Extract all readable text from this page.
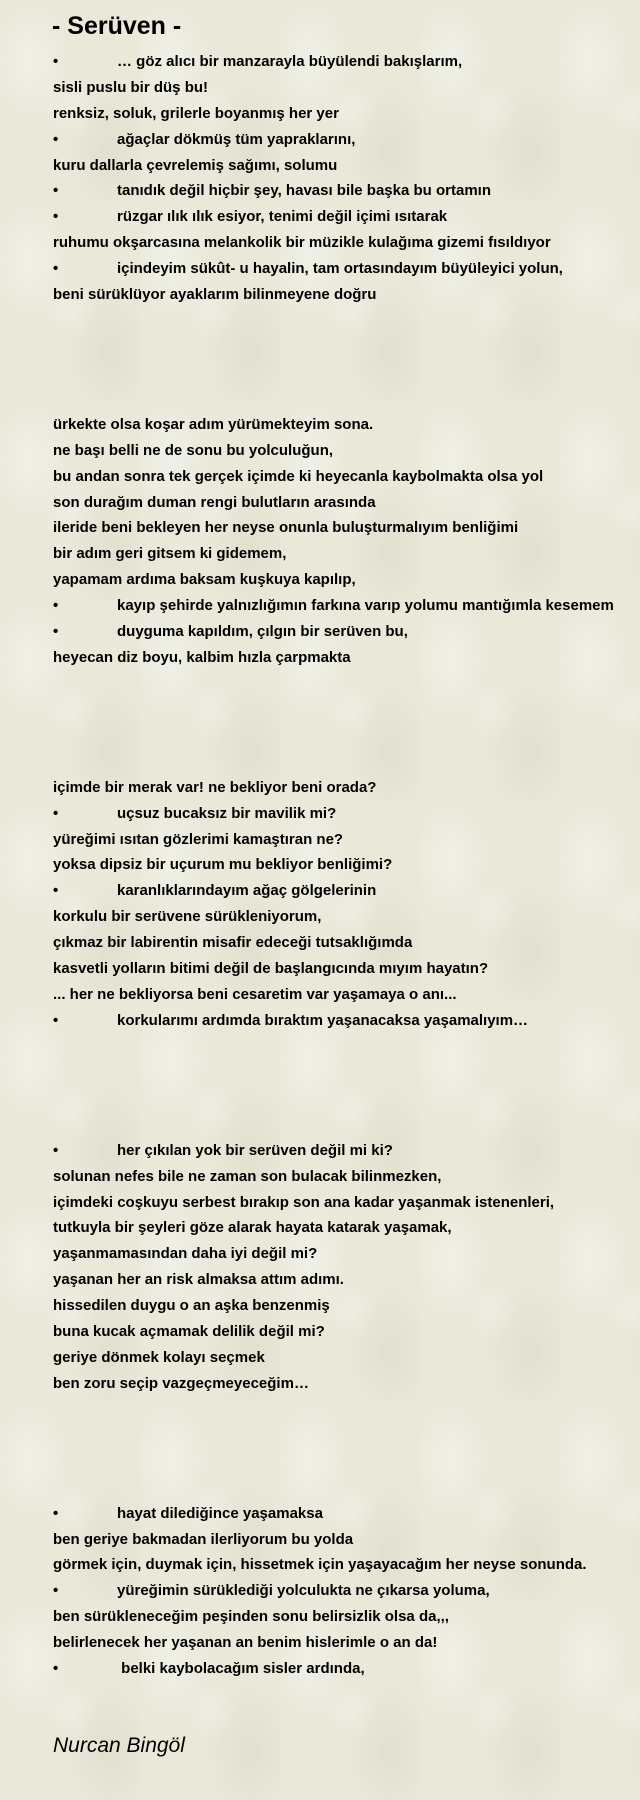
- Serüven -
•	… göz alıcı bir manzarayla büyülendi bakışlarım,
sisli puslu bir düş bu!
renksiz, soluk, grilerle boyanmış her yer
•	ağaçlar dökmüş tüm yapraklarını,
kuru dallarla çevrelemiş sağımı, solumu
•	tanıdık değil hiçbir şey, havası bile başka bu ortamın
•	rüzgar ılık ılık esiyor, tenimi değil içimi ısıtarak
ruhumu okşarcasına melankolik bir müzikle kulağıma gizemi fısıldıyor
•	içindeyim sükût- u hayalin, tam ortasındayım büyüleyici yolun,
beni sürüklüyor ayaklarım bilinmeyene doğru
ürkekte olsa koşar adım yürümekteyim sona.
ne başı belli ne de sonu bu yolculuğun,
bu andan sonra tek gerçek içimde ki heyecanla kaybolmakta olsa yol
son durağım duman rengi bulutların arasında
ileride beni bekleyen her neyse onunla buluşturmalıyım benliğimi
bir adım geri gitsem ki gidemem,
yapamam ardıma baksam kuşkuya kapılıp,
•	kayıp şehirde yalnızlığımın farkına varıp yolumu mantığımla kesemem
•	duyguma kapıldım, çılgın bir serüven bu,
heyecan diz boyu, kalbim hızla çarpmakta
içimde bir merak var! ne bekliyor beni orada?
•	uçsuz bucaksız bir mavilik mi?
yüreğimi ısıtan gözlerimi kamaştıran ne?
yoksa dipsiz bir uçurum mu bekliyor benliğimi?
•	karanlıklarındayım ağaç gölgelerinin
korkulu bir serüvene sürükleniyorum,
çıkmaz bir labirentin misafir edeceği tutsaklığımda
kasvetli yolların bitimi değil de başlangıcında mıyım hayatın?
... her ne bekliyorsa beni cesaretim var yaşamaya o anı...
•	korkularımı ardımda bıraktım yaşanacaksa yaşamalıyım…
•	her çıkılan yok bir serüven değil mi ki?
solunan nefes bile ne zaman son bulacak bilinmezken,
içimdeki coşkuyu serbest bırakıp son ana kadar yaşanmak istenenleri,
tutkuyla bir şeyleri göze alarak hayata katarak yaşamak,
yaşanmamasından daha iyi değil mi?
yaşanan her an risk almaksa attım adımı.
hissedilen duygu o an aşka benzenmiş
buna kucak açmamak delilik değil mi?
geriye dönmek kolayı seçmek
ben zoru seçip vazgeçmeyeceğim…
•	hayat dilediğince yaşamaksa
ben geriye bakmadan ilerliyorum bu yolda
görmek için, duymak için, hissetmek için yaşayacağım her neyse sonunda.
•	yüreğimin sürüklediği yolculukta ne çıkarsa yoluma,
ben sürükleneceğim peşinden sonu belirsizlik olsa da,,,
belirlenecek her yaşanan an benim hislerimle o an da!
•	belki kaybolacağım sisler ardında,
Nurcan Bingöl
